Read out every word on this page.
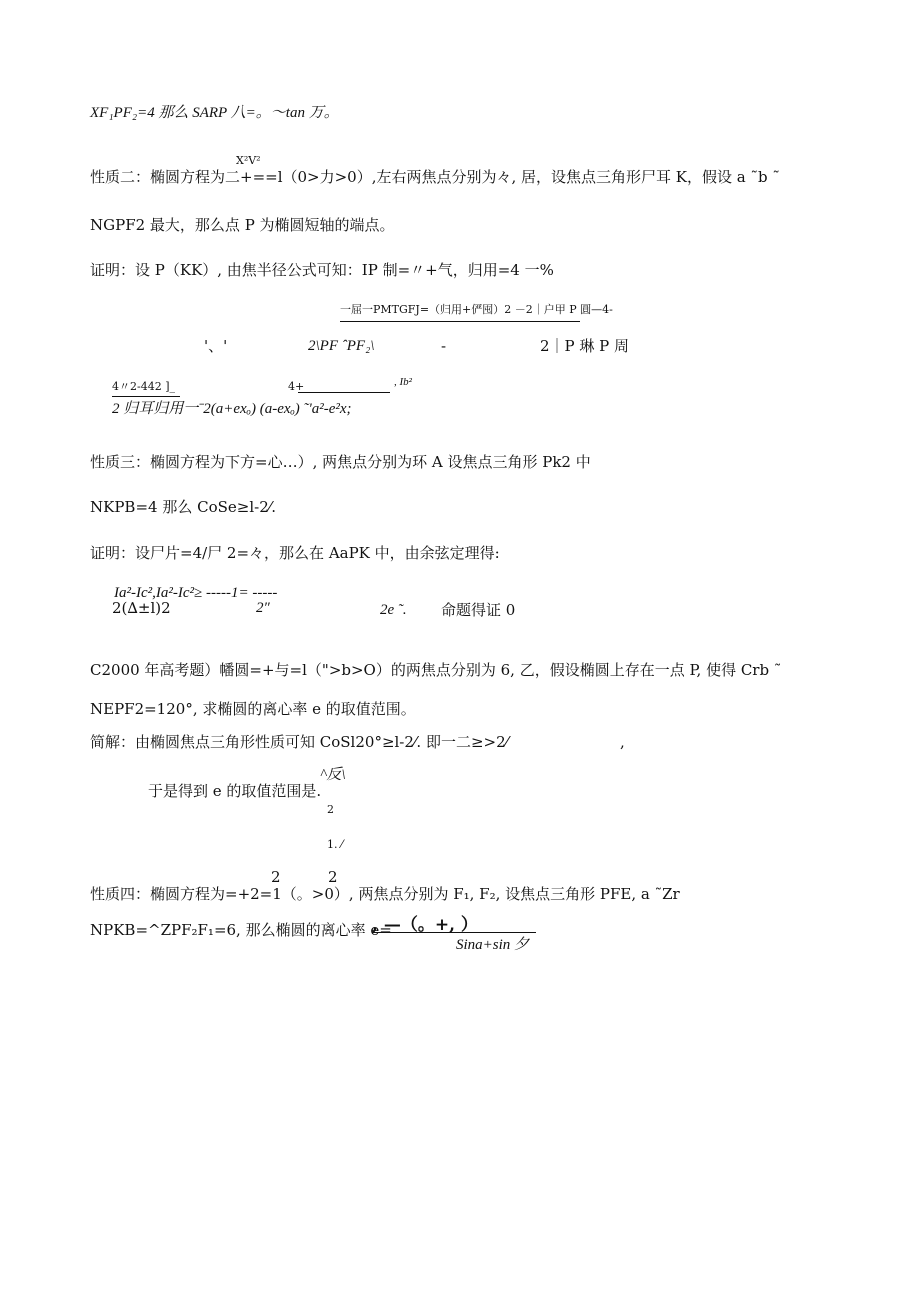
XF₁PF₂=4 那么 SARP 八=。～tan 万。
X²V²
性质二：椭圆方程为二+==l（0>力>0）,左右两焦点分别为々, 居，设焦点三角形尸耳 K，假设 a ˜b ˜
NGPF2 最大，那么点 P 为椭圆短轴的端点。
证明：设 P（KK）, 由焦半径公式可知：IP 制=〃+气，归用=4 一%
一屈一PMTGFJ=（归用+俨囤）2 －2｜户甲 P 圓—4-
'、'	2\PF ˆPF₂\	-	2｜P 琳 P 周
4〃2-442 ]_	4+	, Ib²
2 归耳归用一ˉ2(a+exₒ) (a-exₒ) ˜'a²-e²x;
性质三：椭圆方程为下方=心…）, 两焦点分别为环 A 设焦点三角形 Pk2 中
NKPB=4 那么 CoSe≥l-2⁄.
证明：设尸片=4/尸 2=々，那么在 AaPK 中，由余弦定理得:
Ia²-Ic²,Ia²-Ic²≥ -----1= -----
2(∆±l)2	2″	2e ˜. 命题得证 0
C2000 年高考题）幡圆=+与=l（">b>O）的两焦点分别为 6, 乙，假设椭圆上存在一点 P, 使得 Crb ˜
NEPF2=120°, 求椭圆的离心率 e 的取值范围。
简解：由椭圆焦点三角形性质可知 CoSl20°≥l-2⁄. 即一二≥>2⁄	,
^反\
于是得到 e 的取值范围是.
2
1. ⁄
2	2
性质四：椭圆方程为=+2=1（。>0）, 两焦点分别为 F₁, F₂, 设焦点三角形 PFE, a ˜Zr
NPKB=^ZPF₂F₁=6, 那么椭圆的离心率 e=
, —（。+, ）
Sina+sin 夕
